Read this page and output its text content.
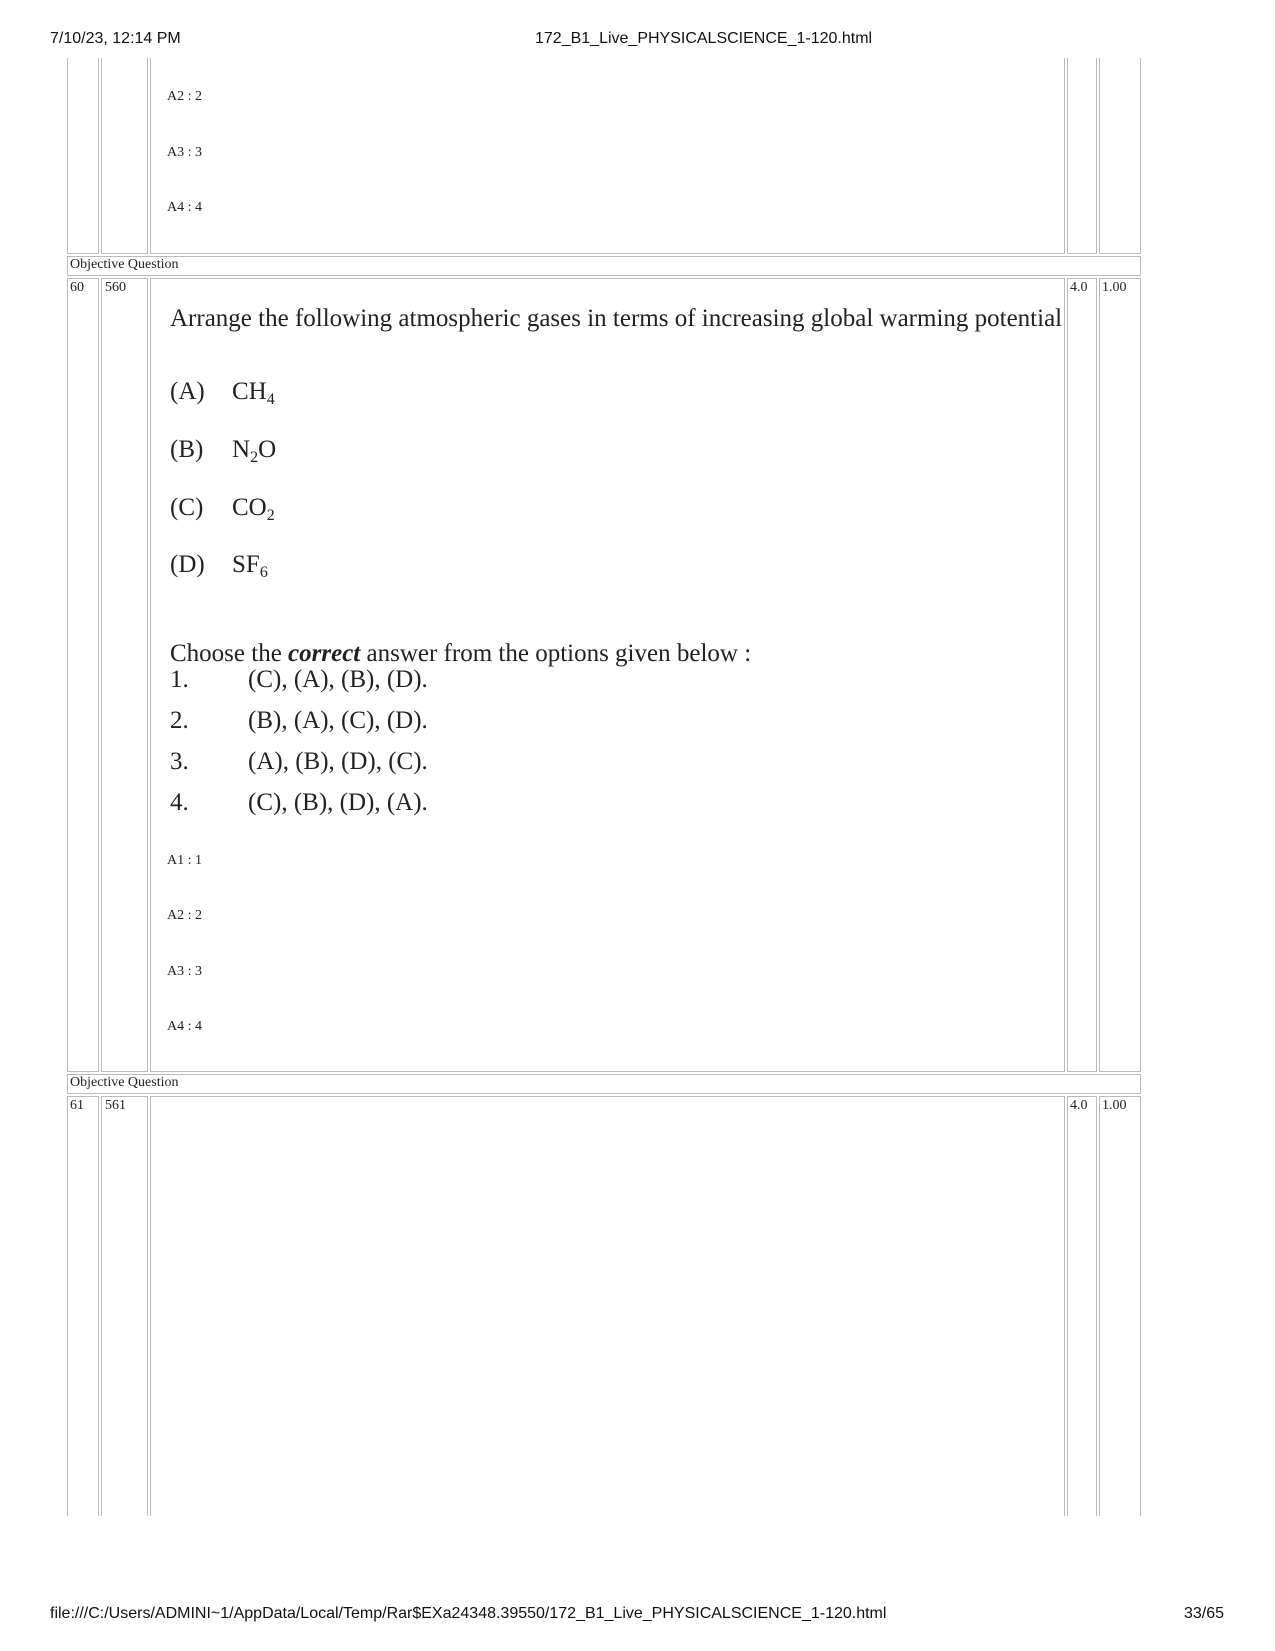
7/10/23, 12:14 PM	172_B1_Live_PHYSICALSCIENCE_1-120.html
A2 : 2
A3 : 3
A4 : 4
Objective Question
60 560	4.0 1.00
Arrange the following atmospheric gases in terms of increasing global warming potential
(A) $CH_4$
(B) $N_2O$
(C) $CO_2$
(D) $SF_6$
Choose the correct answer from the options given below :
1. (C), (A), (B), (D).
2. (B), (A), (C), (D).
3. (A), (B), (D), (C).
4. (C), (B), (D), (A).
A1 : 1
A2 : 2
A3 : 3
A4 : 4
Objective Question
61 561	4.0 1.00
file:///C:/Users/ADMINI~1/AppData/Local/Temp/Rar$EXa24348.39550/172_B1_Live_PHYSICALSCIENCE_1-120.html	33/65
